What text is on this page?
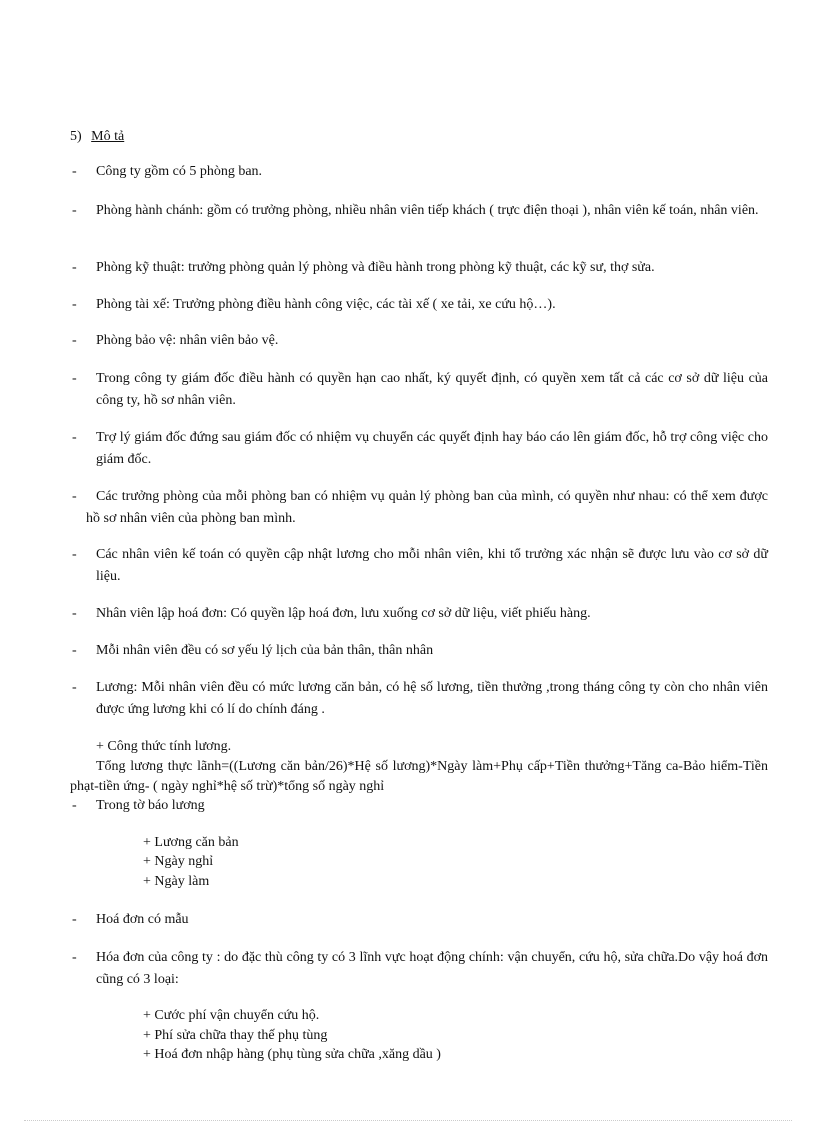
5) Mô tả
- Công ty gồm có 5 phòng ban.
- Phòng hành chánh: gồm có trưởng phòng, nhiều nhân viên tiếp khách ( trực điện thoại ), nhân viên kế toán, nhân viên.
- Phòng kỹ thuật: trưởng phòng quản lý phòng và điều hành trong phòng kỹ thuật, các kỹ sư, thợ sửa.
- Phòng tài xế: Trưởng phòng điều hành công việc, các tài xế ( xe tải, xe cứu hộ…).
- Phòng bảo vệ: nhân viên bảo vệ.
- Trong công ty giám đốc điều hành có quyền hạn cao nhất, ký quyết định, có quyền xem tất cả các cơ sở dữ liệu của công ty, hồ sơ nhân viên.
- Trợ lý giám đốc đứng sau giám đốc có nhiệm vụ chuyển các quyết định hay báo cáo lên giám đốc, hỗ trợ công việc cho giám đốc.
-	Các trưởng phòng của mỗi phòng ban có nhiệm vụ quản lý phòng ban của mình, có quyền như nhau: có thể xem được hồ sơ nhân viên của phòng ban mình.
- Các nhân viên kế toán có quyền cập nhật lương cho mỗi nhân viên, khi tổ trưởng xác nhận sẽ được lưu vào cơ sở dữ liệu.
- Nhân viên lập hoá đơn: Có quyền lập hoá đơn, lưu xuống cơ sở dữ liệu, viết phiếu hàng.
- Mỗi nhân viên đều có sơ yếu lý lịch của bản thân, thân nhân
- Lương: Mỗi nhân viên đều có mức lương căn bản, có hệ số lương, tiền thưởng ,trong tháng công ty còn cho nhân viên được ứng lương khi có lí do chính đáng .
+ Công thức tính lương.
Tổng lương thực lãnh=((Lương căn bản/26)*Hệ số lương)*Ngày làm+Phụ cấp+Tiền thưởng+Tăng ca-Bảo hiểm-Tiền phạt-tiền ứng- ( ngày nghỉ*hệ số trừ)*tổng số ngày nghỉ
- Trong tờ báo lương
+ Lương căn bản
+ Ngày nghỉ
+ Ngày làm
- Hoá đơn có mẫu
- Hóa đơn của công ty : do đặc thù công ty có 3 lĩnh vực hoạt động chính: vận chuyển, cứu hộ, sửa chữa.Do vậy hoá đơn cũng có 3 loại:
+ Cước phí vận chuyển cứu hộ.
+ Phí sửa chữa thay thế phụ tùng
+ Hoá đơn nhập hàng (phụ tùng sửa chữa ,xăng dầu )
